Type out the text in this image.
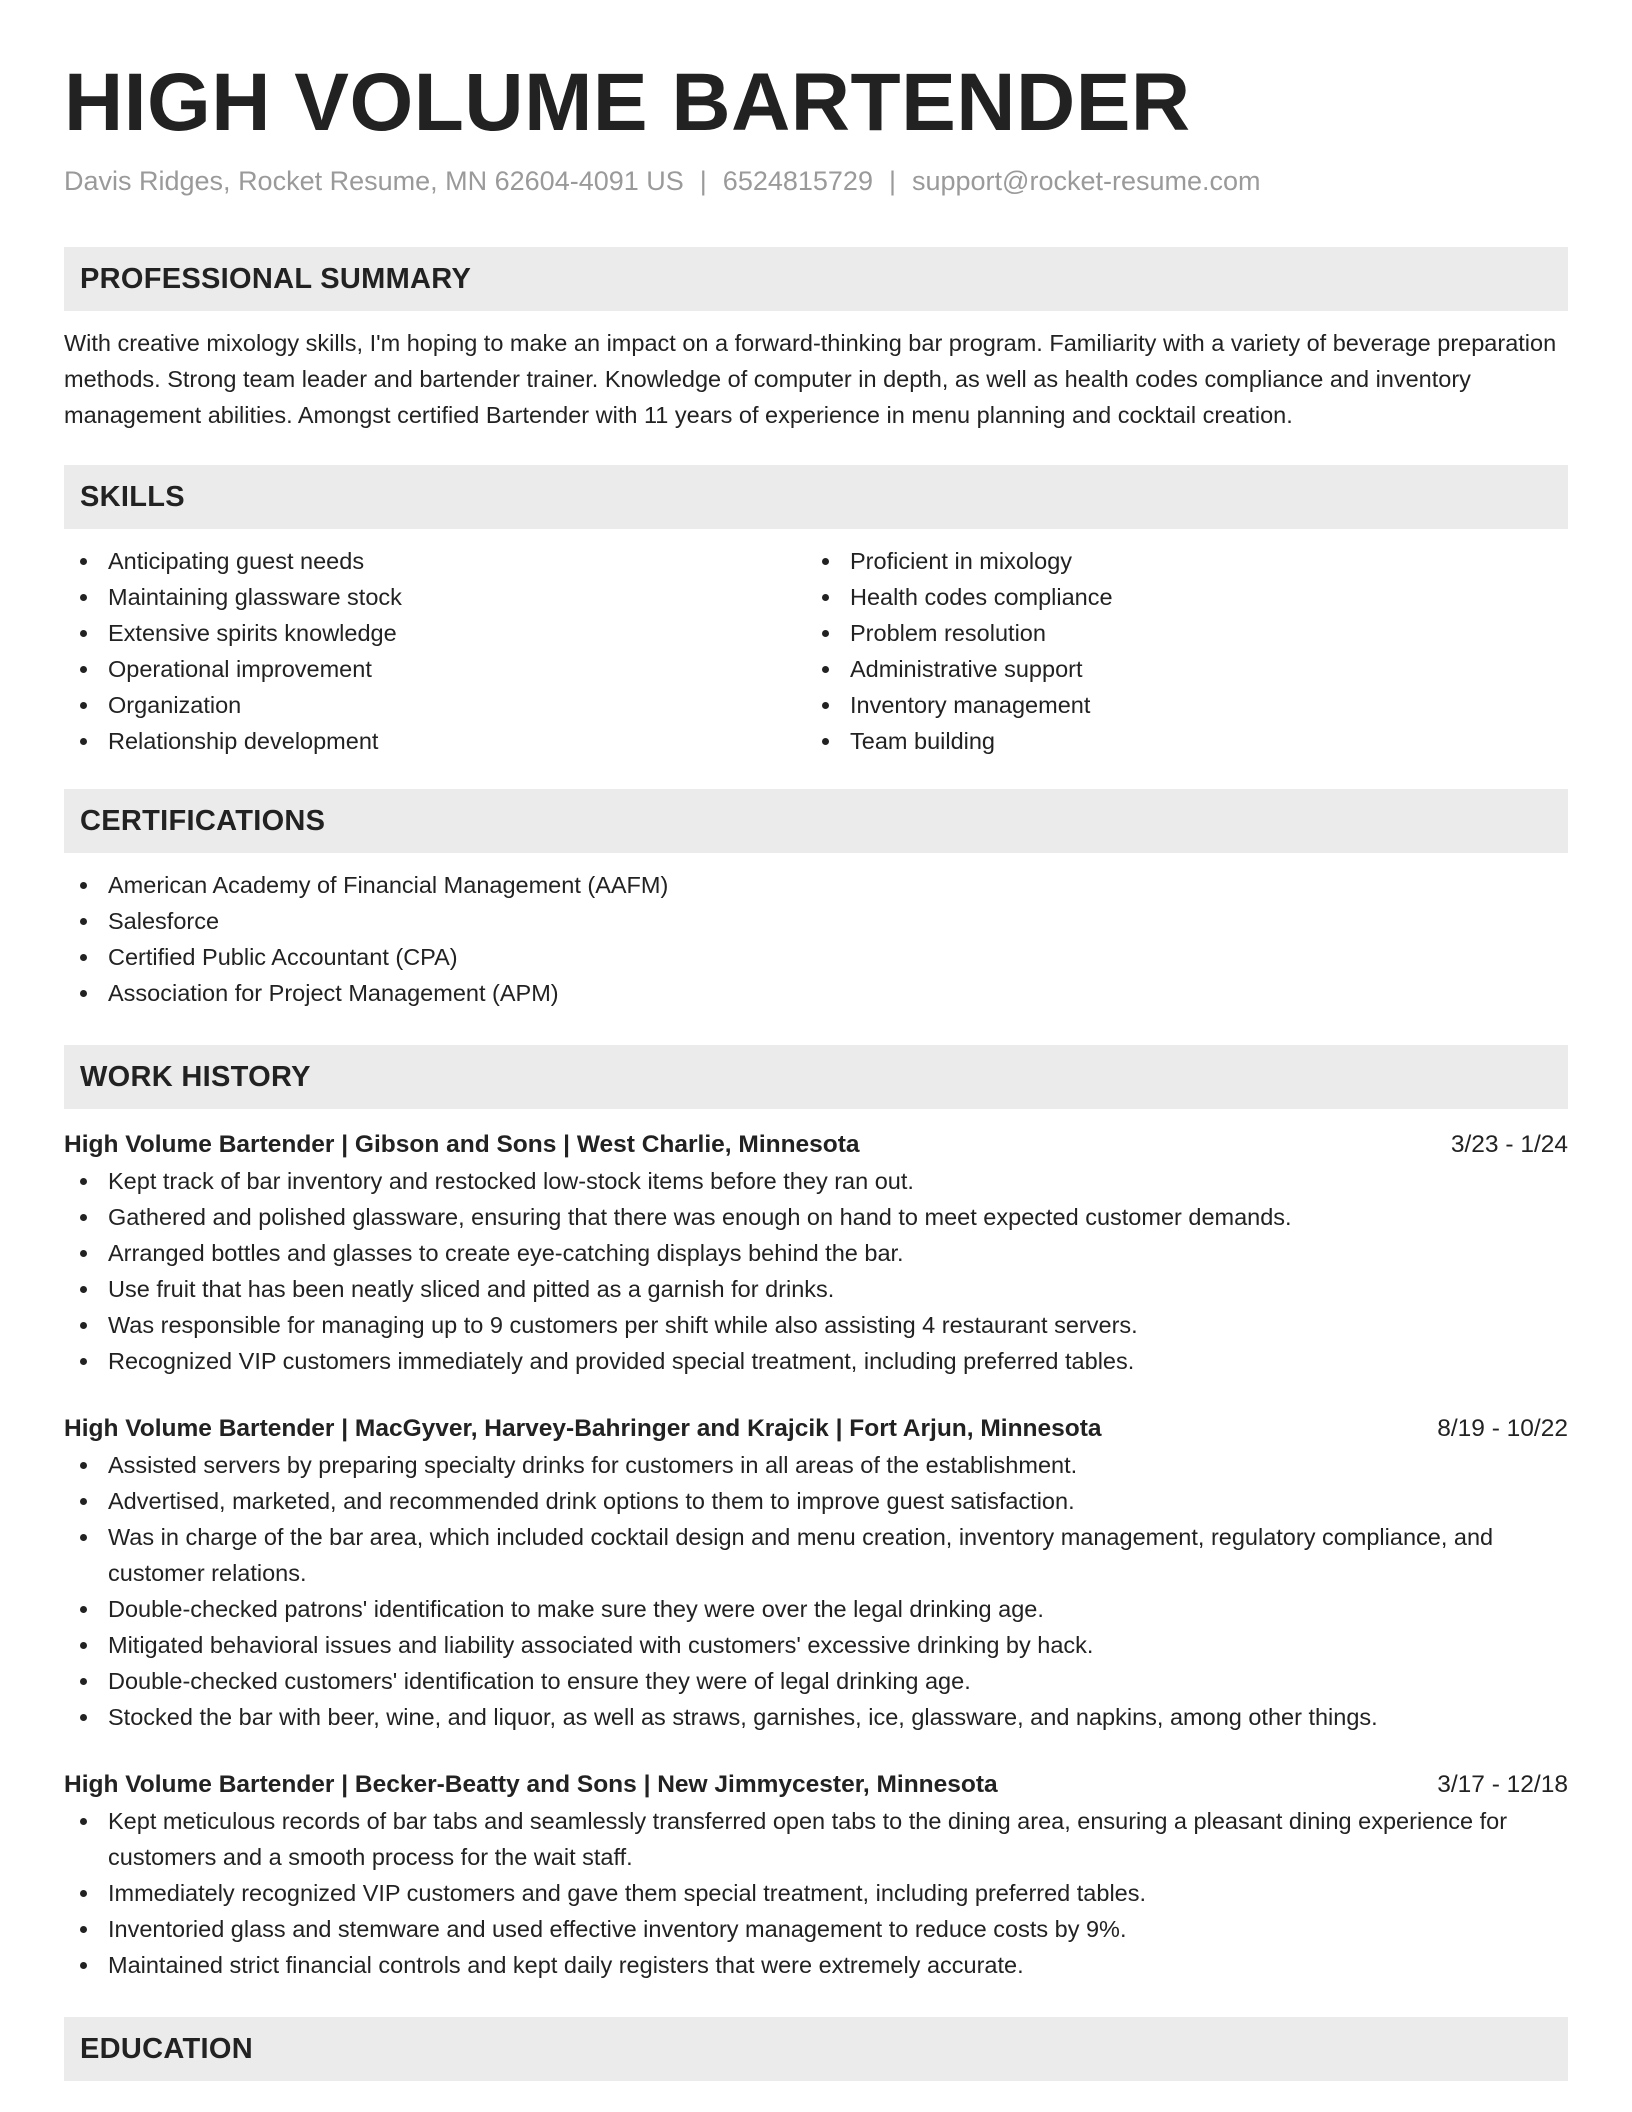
HIGH VOLUME BARTENDER
Davis Ridges, Rocket Resume, MN 62604-4091 US | 6524815729 | support@rocket-resume.com
PROFESSIONAL SUMMARY

With creative mixology skills, I'm hoping to make an impact on a forward-thinking bar program. Familiarity with a variety of beverage preparation methods. Strong team leader and bartender trainer. Knowledge of computer in depth, as well as health codes compliance and inventory management abilities. Amongst certified Bartender with 11 years of experience in menu planning and cocktail creation.

SKILLS
Anticipating guest needs
Maintaining glassware stock
Extensive spirits knowledge
Operational improvement
Organization
Relationship development
Proficient in mixology
Health codes compliance
Problem resolution
Administrative support
Inventory management
Team building
CERTIFICATIONS
American Academy of Financial Management (AAFM)
Salesforce
Certified Public Accountant (CPA)
Association for Project Management (APM)
WORK HISTORY
High Volume Bartender | Gibson and Sons | West Charlie, Minnesota	3/23 - 1/24
Kept track of bar inventory and restocked low-stock items before they ran out.
Gathered and polished glassware, ensuring that there was enough on hand to meet expected customer demands.
Arranged bottles and glasses to create eye-catching displays behind the bar.
Use fruit that has been neatly sliced and pitted as a garnish for drinks.
Was responsible for managing up to 9 customers per shift while also assisting 4 restaurant servers.
Recognized VIP customers immediately and provided special treatment, including preferred tables.
High Volume Bartender | MacGyver, Harvey-Bahringer and Krajcik | Fort Arjun, Minnesota	8/19 - 10/22
Assisted servers by preparing specialty drinks for customers in all areas of the establishment.
Advertised, marketed, and recommended drink options to them to improve guest satisfaction.
Was in charge of the bar area, which included cocktail design and menu creation, inventory management, regulatory compliance, and customer relations.
Double-checked patrons' identification to make sure they were over the legal drinking age.
Mitigated behavioral issues and liability associated with customers' excessive drinking by hack.
Double-checked customers' identification to ensure they were of legal drinking age.
Stocked the bar with beer, wine, and liquor, as well as straws, garnishes, ice, glassware, and napkins, among other things.
High Volume Bartender | Becker-Beatty and Sons | New Jimmycester, Minnesota	3/17 - 12/18
Kept meticulous records of bar tabs and seamlessly transferred open tabs to the dining area, ensuring a pleasant dining experience for customers and a smooth process for the wait staff.
Immediately recognized VIP customers and gave them special treatment, including preferred tables.
Inventoried glass and stemware and used effective inventory management to reduce costs by 9%.
Maintained strict financial controls and kept daily registers that were extremely accurate.
EDUCATION
